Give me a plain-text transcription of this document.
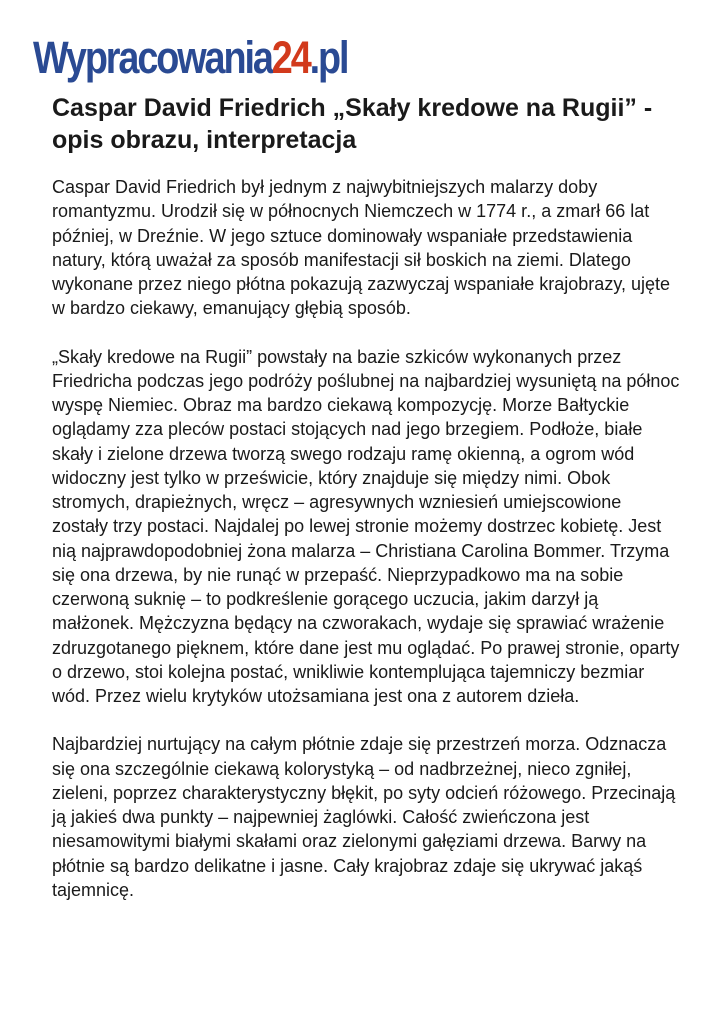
Wypracowania 24 .pl
Caspar David Friedrich „Skały kredowe na Rugii” - opis obrazu, interpretacja

Caspar David Friedrich był jednym z najwybitniejszych malarzy doby romantyzmu. Urodził się w północnych Niemczech w 1774 r., a zmarł 66 lat później, w Dreźnie. W jego sztuce dominowały wspaniałe przedstawienia natury, którą uważał za sposób manifestacji sił boskich na ziemi. Dlatego wykonane przez niego płótna pokazują zazwyczaj wspaniałe krajobrazy, ujęte w bardzo ciekawy, emanujący głębią sposób.

„Skały kredowe na Rugii” powstały na bazie szkiców wykonanych przez Friedricha podczas jego podróży poślubnej na najbardziej wysuniętą na północ wyspę Niemiec. Obraz ma bardzo ciekawą kompozycję. Morze Bałtyckie oglądamy zza pleców postaci stojących nad jego brzegiem. Podłoże, białe skały i zielone drzewa tworzą swego rodzaju ramę okienną, a ogrom wód widoczny jest tylko w prześwicie, który znajduje się między nimi. Obok stromych, drapieżnych, wręcz – agresywnych wzniesień umiejscowione zostały trzy postaci. Najdalej po lewej stronie możemy dostrzec kobietę. Jest nią najprawdopodobniej żona malarza – Christiana Carolina Bommer. Trzyma się ona drzewa, by nie runąć w przepaść. Nieprzypadkowo ma na sobie czerwoną suknię – to podkreślenie gorącego uczucia, jakim darzył ją małżonek. Mężczyzna będący na czworakach, wydaje się sprawiać wrażenie zdruzgotanego pięknem, które dane jest mu oglądać. Po prawej stronie, oparty o drzewo, stoi kolejna postać, wnikliwie kontemplująca tajemniczy bezmiar wód. Przez wielu krytyków utożsamiana jest ona z autorem dzieła.

Najbardziej nurtujący na całym płótnie zdaje się przestrzeń morza. Odznacza się ona szczególnie ciekawą kolorystyką – od nadbrzeżnej, nieco zgniłej, zieleni, poprzez charakterystyczny błękit, po syty odcień różowego. Przecinają ją jakieś dwa punkty – najpewniej żaglówki. Całość zwieńczona jest niesamowitymi białymi skałami oraz zielonymi gałęziami drzewa. Barwy na płótnie są bardzo delikatne i jasne. Cały krajobraz zdaje się ukrywać jakąś tajemnicę.
